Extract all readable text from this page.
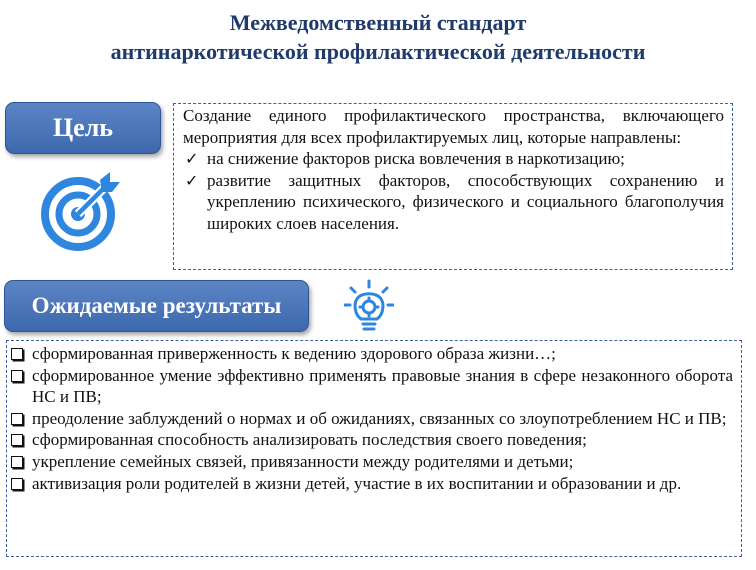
Межведомственный стандарт
антинаркотической профилактической деятельности
Цель	Создание единого профилактического пространства, включающего мероприятия для всех профилактируемых лиц, которые направлены:

✓ на снижение факторов риска вовлечения в наркотизацию;
✓ развитие защитных факторов, способствующих сохранению и укреплению психического, физического и социального благополучия широких слоев населения.
Ожидаемые результаты
сформированная приверженность к ведению здорового образа жизни…;
сформированное умение эффективно применять правовые знания в сфере незаконного оборота НС и ПВ;
преодоление заблуждений о нормах и об ожиданиях, связанных со злоупотреблением НС и ПВ;
сформированная способность анализировать последствия своего поведения;
укрепление семейных связей, привязанности между родителями и детьми;
активизация роли родителей в жизни детей, участие в их воспитании и образовании и др.
